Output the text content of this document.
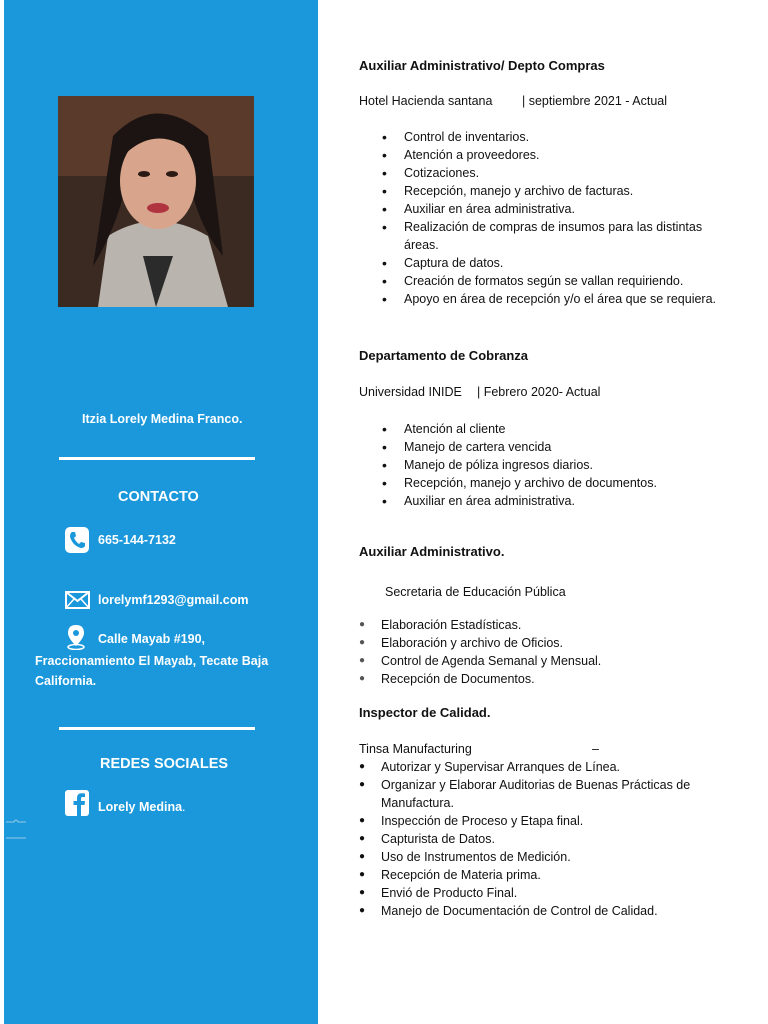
Itzia Lorely Medina Franco.
CONTACTO
665-144-7132
lorelymf1293@gmail.com
Calle Mayab #190,
Fraccionamiento El Mayab, Tecate Baja
California.
REDES SOCIALES
Lorely Medina.
Auxiliar Administrativo/ Depto Compras
Hotel Hacienda santana | septiembre 2021 - Actual
• Control de inventarios.
• Atención a proveedores.
• Cotizaciones.
• Recepción, manejo y archivo de facturas.
• Auxiliar en área administrativa.
• Realización de compras de insumos para las distintas áreas.
• Captura de datos.
• Creación de formatos según se vallan requiriendo.
• Apoyo en área de recepción y/o el área que se requiera.
Departamento de Cobranza
Universidad INIDE | Febrero 2020- Actual
• Atención al cliente
• Manejo de cartera vencida
• Manejo de póliza ingresos diarios.
• Recepción, manejo y archivo de documentos.
• Auxiliar en área administrativa.
Auxiliar Administrativo.
Secretaria de Educación Pública
● Elaboración Estadísticas.
● Elaboración y archivo de Oficios.
● Control de Agenda Semanal y Mensual.
● Recepción de Documentos.
Inspector de Calidad.
Tinsa Manufacturing	–
● Autorizar y Supervisar Arranques de Línea.
● Organizar y Elaborar Auditorias de Buenas Prácticas de Manufactura.
● Inspección de Proceso y Etapa final.
● Capturista de Datos.
● Uso de Instrumentos de Medición.
● Recepción de Materia prima.
● Envió de Producto Final.
● Manejo de Documentación de Control de Calidad.
